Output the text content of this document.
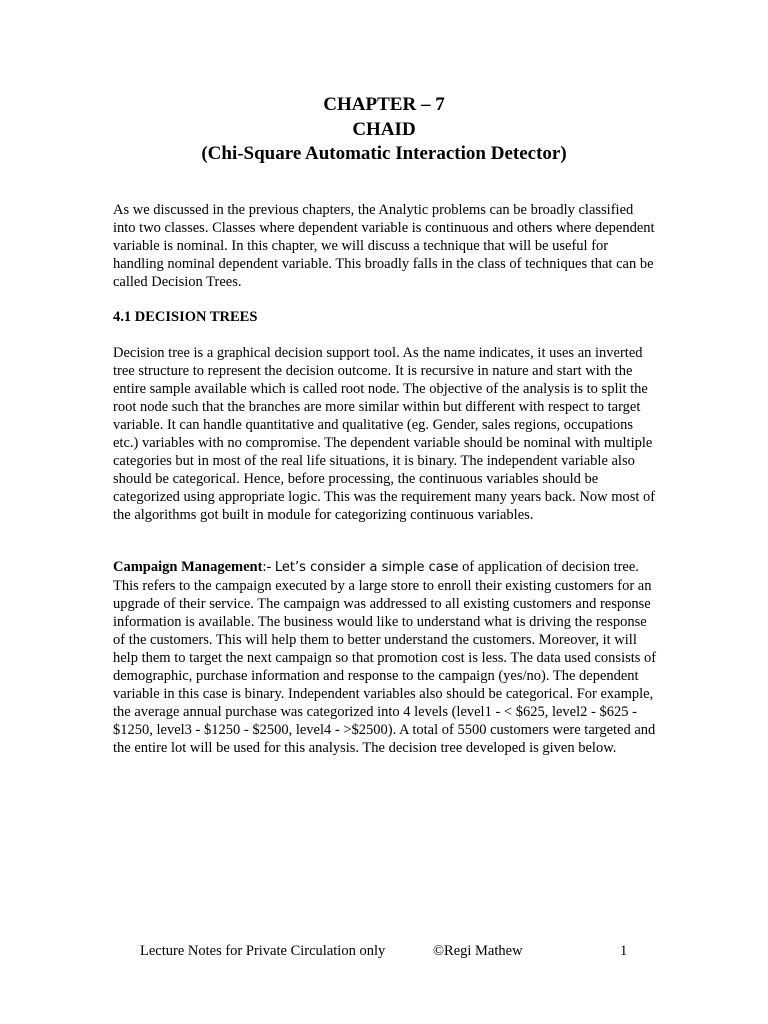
CHAPTER – 7
CHAID
(Chi-Square Automatic Interaction Detector)

As we discussed in the previous chapters, the Analytic problems can be broadly classified into two classes. Classes where dependent variable is continuous and others where dependent variable is nominal. In this chapter, we will discuss a technique that will be useful for handling nominal dependent variable. This broadly falls in the class of techniques that can be called Decision Trees.

4.1 DECISION TREES

Decision tree is a graphical decision support tool. As the name indicates, it uses an inverted tree structure to represent the decision outcome. It is recursive in nature and start with the entire sample available which is called root node. The objective of the analysis is to split the root node such that the branches are more similar within but different with respect to target variable. It can handle quantitative and qualitative (eg. Gender, sales regions, occupations etc.) variables with no compromise. The dependent variable should be nominal with multiple categories but in most of the real life situations, it is binary. The independent variable also should be categorical. Hence, before processing, the continuous variables should be categorized using appropriate logic. This was the requirement many years back. Now most of the algorithms got built in module for categorizing continuous variables.

Campaign Management:- Let’s consider a simple case of application of decision tree. This refers to the campaign executed by a large store to enroll their existing customers for an upgrade of their service. The campaign was addressed to all existing customers and response information is available. The business would like to understand what is driving the response of the customers. This will help them to better understand the customers. Moreover, it will help them to target the next campaign so that promotion cost is less. The data used consists of demographic, purchase information and response to the campaign (yes/no). The dependent variable in this case is binary. Independent variables also should be categorical. For example, the average annual purchase was categorized into 4 levels (level1 - < $625, level2 - $625 - $1250, level3 - $1250 - $2500, level4 - >$2500). A total of 5500 customers were targeted and the entire lot will be used for this analysis. The decision tree developed is given below.

Lecture Notes for Private Circulation only	©Regi Mathew	1
